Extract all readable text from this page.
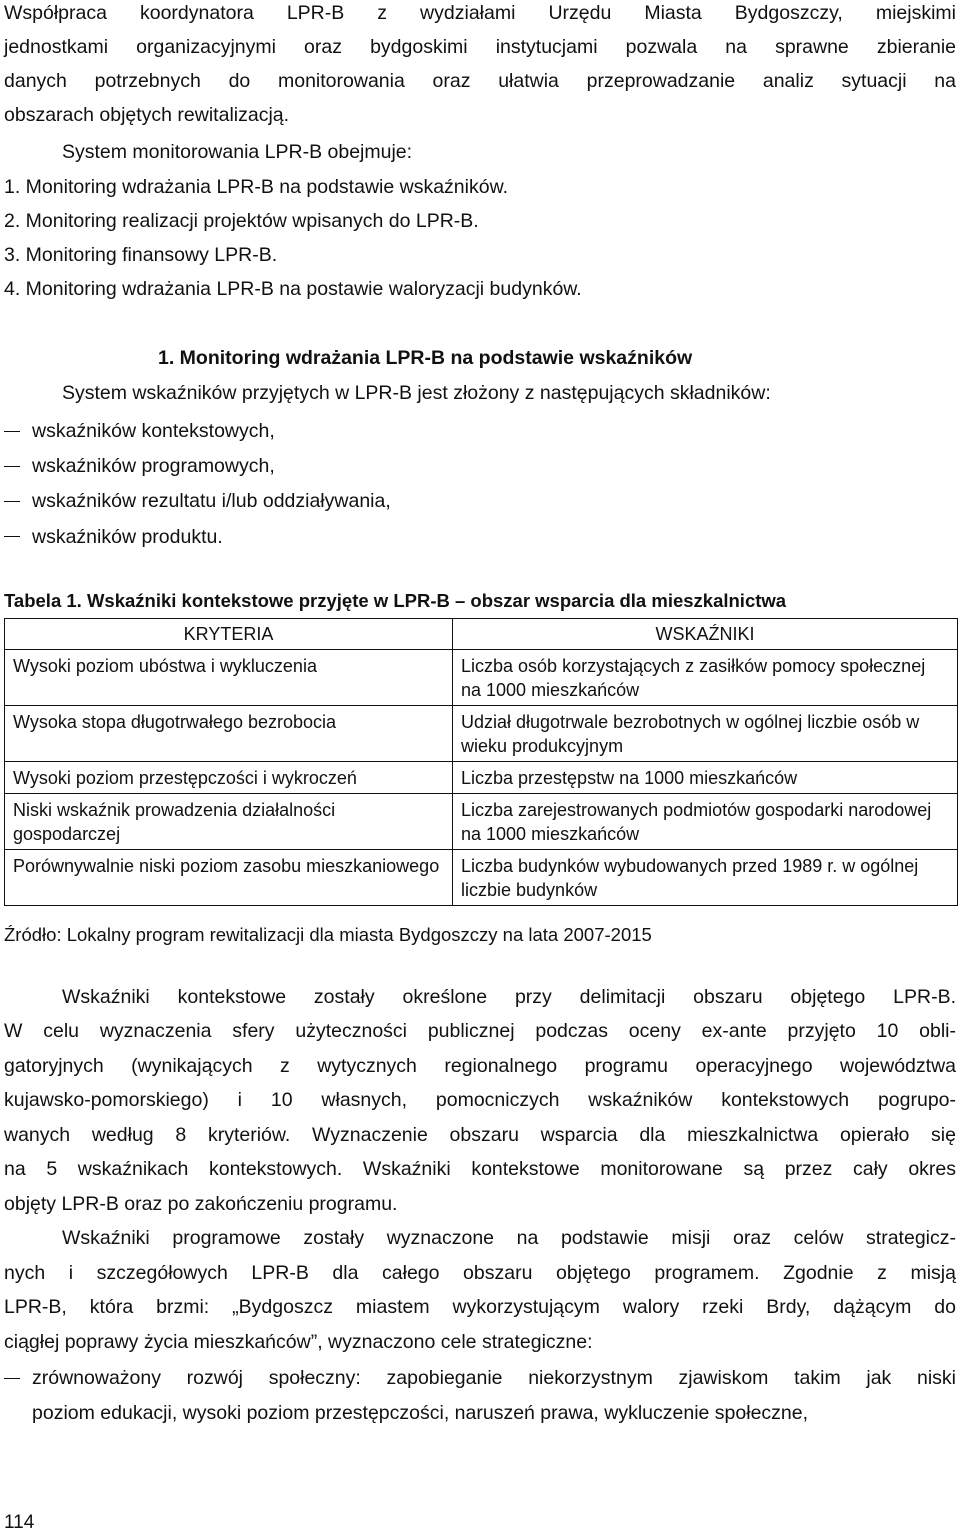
Współpraca koordynatora LPR-B z wydziałami Urzędu Miasta Bydgoszczy, miejskimi
jednostkami organizacyjnymi oraz bydgoskimi instytucjami pozwala na sprawne zbieranie
danych potrzebnych do monitorowania oraz ułatwia przeprowadzanie analiz sytuacji na
obszarach objętych rewitalizacją.
System monitorowania LPR-B obejmuje:
1. Monitoring wdrażania LPR-B na podstawie wskaźników.
2. Monitoring realizacji projektów wpisanych do LPR-B.
3. Monitoring finansowy LPR-B.
4. Monitoring wdrażania LPR-B na postawie waloryzacji budynków.
1. Monitoring wdrażania LPR-B na podstawie wskaźników
System wskaźników przyjętych w LPR-B jest złożony z następujących składników:
wskaźników kontekstowych,
wskaźników programowych,
wskaźników rezultatu i/lub oddziaływania,
wskaźników produktu.
Tabela 1. Wskaźniki kontekstowe przyjęte w LPR-B – obszar wsparcia dla mieszkalnictwa
KRYTERIA	WSKAŹNIKI
Wysoki poziom ubóstwa i wykluczenia	Liczba osób korzystających z zasiłków pomocy społecznej na 1000 mieszkańców
Wysoka stopa długotrwałego bezrobocia	Udział długotrwale bezrobotnych w ogólnej liczbie osób w wieku produkcyjnym
Wysoki poziom przestępczości i wykroczeń	Liczba przestępstw na 1000 mieszkańców
Niski wskaźnik prowadzenia działalności gospodarczej	Liczba zarejestrowanych podmiotów gospodarki narodowej na 1000 mieszkańców
Porównywalnie niski poziom zasobu mieszkaniowego	Liczba budynków wybudowanych przed 1989 r. w ogólnej liczbie budynków
Źródło: Lokalny program rewitalizacji dla miasta Bydgoszczy na lata 2007-2015
Wskaźniki kontekstowe zostały określone przy delimitacji obszaru objętego LPR-B.
W celu wyznaczenia sfery użyteczności publicznej podczas oceny ex-ante przyjęto 10 obli-
gatoryjnych (wynikających z wytycznych regionalnego programu operacyjnego województwa
kujawsko-pomorskiego) i 10 własnych, pomocniczych wskaźników kontekstowych pogrupo-
wanych według 8 kryteriów. Wyznaczenie obszaru wsparcia dla mieszkalnictwa opierało się
na 5 wskaźnikach kontekstowych. Wskaźniki kontekstowe monitorowane są przez cały okres
objęty LPR-B oraz po zakończeniu programu.
Wskaźniki programowe zostały wyznaczone na podstawie misji oraz celów strategicz-
nych i szczegółowych LPR-B dla całego obszaru objętego programem. Zgodnie z misją
LPR-B, która brzmi: „Bydgoszcz miastem wykorzystującym walory rzeki Brdy, dążącym do
ciągłej poprawy życia mieszkańców”, wyznaczono cele strategiczne:
zrównoważony rozwój społeczny: zapobieganie niekorzystnym zjawiskom takim jak niski
poziom edukacji, wysoki poziom przestępczości, naruszeń prawa, wykluczenie społeczne,
114
